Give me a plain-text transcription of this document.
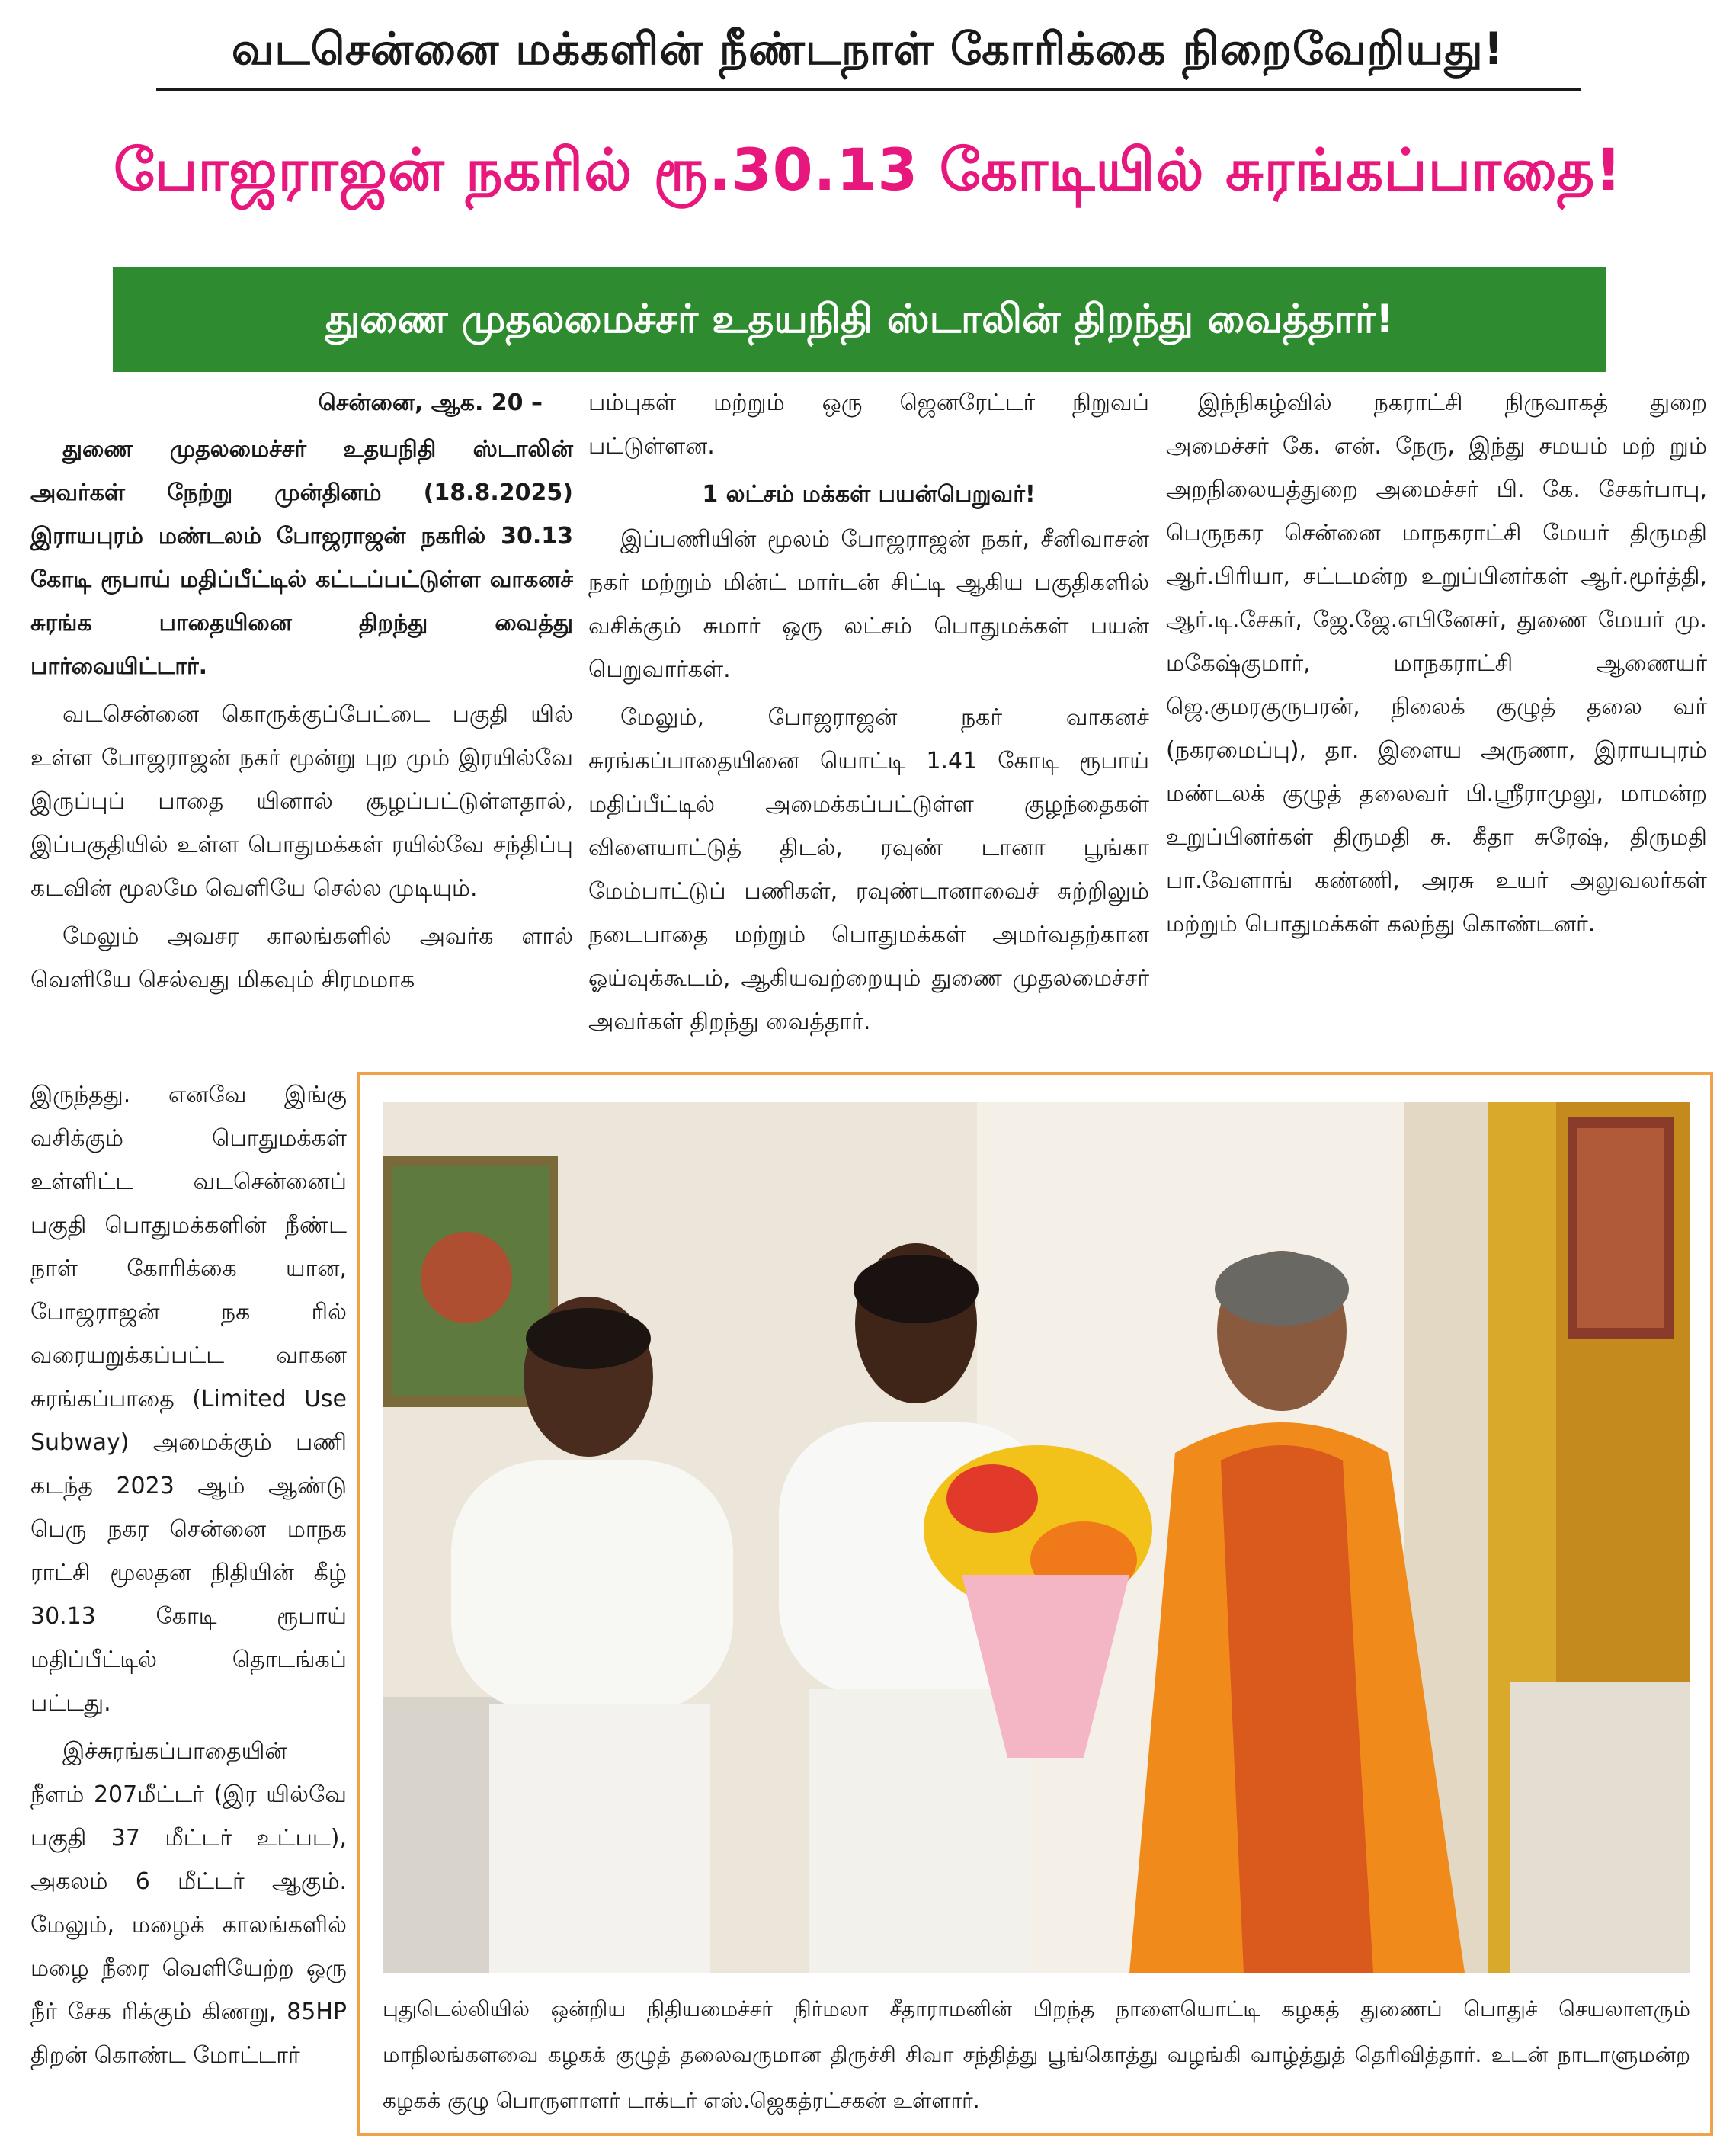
வடசென்னை மக்களின் நீண்டநாள் கோரிக்கை நிறைவேறியது!
போஜராஜன் நகரில் ரூ.30.13 கோடியில் சுரங்கப்பாதை!
துணை முதலமைச்சர் உதயநிதி ஸ்டாலின் திறந்து வைத்தார்!
சென்னை, ஆக. 20 –

துணை முதலமைச்சர் உதயநிதி ஸ்டாலின் அவர்கள் நேற்று முன்தினம் (18.8.2025) இராயபுரம் மண்டலம் போஜராஜன் நகரில் 30.13 கோடி ரூபாய் மதிப்பீட்டில் கட்டப்பட்டுள்ள வாகனச் சுரங்க பாதையினை திறந்து வைத்து பார்வையிட்டார்.

வடசென்னை கொருக்குப்பேட்டை பகுதி யில் உள்ள போஜராஜன் நகர் மூன்று புற மும் இரயில்வே இருப்புப் பாதை யினால் சூழப்பட்டுள்ளதால், இப்பகுதியில் உள்ள பொதுமக்கள் ரயில்வே சந்திப்பு கடவின் மூலமே வெளியே செல்ல முடியும்.

மேலும் அவசர காலங்களில் அவர்க ளால் வெளியே செல்வது மிகவும் சிரமமாக

இருந்தது. எனவே இங்கு வசிக்கும் பொதுமக்கள் உள்ளிட்ட வடசென்னைப் பகுதி பொதுமக்களின் நீண்ட நாள் கோரிக்கை யான, போஜராஜன் நக ரில் வரையறுக்கப்பட்ட வாகன சுரங்கப்பாதை (Limited Use Subway) அமைக்கும் பணி கடந்த 2023 ஆம் ஆண்டு பெரு நகர சென்னை மாநக ராட்சி மூலதன நிதியின் கீழ் 30.13 கோடி ரூபாய் மதிப்பீட்டில் தொடங்கப் பட்டது.

இச்சுரங்கப்பாதையின் நீளம் 207மீட்டர் (இர யில்வே பகுதி 37 மீட்டர் உட்பட), அகலம் 6 மீட்டர் ஆகும். மேலும், மழைக் காலங்களில் மழை நீரை வெளியேற்ற ஒரு நீர் சேக ரிக்கும் கிணறு, 85HP திறன் கொண்ட மோட்டார்

பம்புகள் மற்றும் ஒரு ஜெனரேட்டர் நிறுவப் பட்டுள்ளன.

1 லட்சம் மக்கள் பயன்பெறுவர்!

இப்பணியின் மூலம் போஜராஜன் நகர், சீனிவாசன் நகர் மற்றும் மின்ட் மார்டன் சிட்டி ஆகிய பகுதிகளில் வசிக்கும் சுமார் ஒரு லட்சம் பொதுமக்கள் பயன் பெறுவார்கள்.

மேலும், போஜராஜன் நகர் வாகனச் சுரங்கப்பாதையினை யொட்டி 1.41 கோடி ரூபாய் மதிப்பீட்டில் அமைக்கப்பட்டுள்ள குழந்தைகள் விளையாட்டுத் திடல், ரவுண் டானா பூங்கா மேம்பாட்டுப் பணிகள், ரவுண்டானாவைச் சுற்றிலும் நடைபாதை மற்றும் பொதுமக்கள் அமர்வதற்கான ஓய்வுக்கூடம், ஆகியவற்றையும் துணை முதலமைச்சர் அவர்கள் திறந்து வைத்தார்.

இந்நிகழ்வில் நகராட்சி நிருவாகத் துறை அமைச்சர் கே. என். நேரு, இந்து சமயம் மற் றும் அறநிலையத்துறை அமைச்சர் பி. கே. சேகர்பாபு, பெருநகர சென்னை மாநகராட்சி மேயர் திருமதி ஆர்.பிரியா, சட்டமன்ற உறுப்பினர்கள் ஆர்.மூர்த்தி, ஆர்.டி.சேகர், ஜே.ஜே.எபினேசர், துணை மேயர் மு. மகேஷ்குமார், மாநகராட்சி ஆணையர் ஜெ.குமரகுருபரன், நிலைக் குழுத் தலை வர் (நகரமைப்பு), தா. இளைய அருணா, இராயபுரம் மண்டலக் குழுத் தலைவர் பி.ஸ்ரீராமுலு, மாமன்ற உறுப்பினர்கள் திருமதி சு. கீதா சுரேஷ், திருமதி பா.வேளாங் கண்ணி, அரசு உயர் அலுவலர்கள் மற்றும் பொதுமக்கள் கலந்து கொண்டனர்.

புதுடெல்லியில் ஒன்றிய நிதியமைச்சர் நிர்மலா சீதாராமனின் பிறந்த நாளையொட்டி கழகத் துணைப் பொதுச் செயலாளரும் மாநிலங்களவை கழகக் குழுத் தலைவருமான திருச்சி சிவா சந்தித்து பூங்கொத்து வழங்கி வாழ்த்துத் தெரிவித்தார். உடன் நாடாளுமன்ற கழகக் குழு பொருளாளர் டாக்டர் எஸ்.ஜெகத்ரட்சகன் உள்ளார்.
